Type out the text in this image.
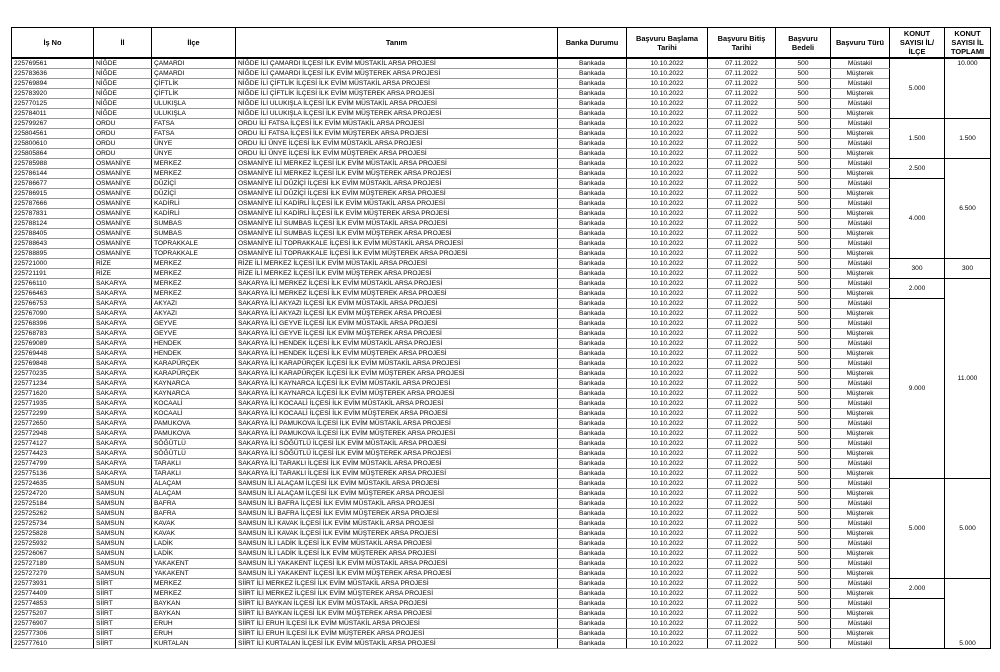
İş No	İl	İlçe	Tanım	Banka Durumu	Başvuru Başlama Tarihi	Başvuru Bitiş Tarihi	Başvuru Bedeli	Başvuru Türü	KONUT SAYISI İL/İLÇE	KONUT SAYISI İL TOPLAMI
225769561	NİĞDE	ÇAMARDI	NİĞDE İLİ ÇAMARDI İLÇESİ İLK EVİM MÜSTAKİL ARSA PROJESİ	Bankada	10.10.2022	07.11.2022	500	Müstakil	5.000	10.000
225783636	NİĞDE	ÇAMARDI	NİĞDE İLİ ÇAMARDI İLÇESİ İLK EVİM MÜŞTEREK ARSA PROJESİ	Bankada	10.10.2022	07.11.2022	500	Müşterek		
225769894	NİĞDE	ÇİFTLİK	NİĞDE İLİ ÇİFTLİK İLÇESİ İLK EVİM MÜSTAKİL ARSA PROJESİ	Bankada	10.10.2022	07.11.2022	500	Müstakil		
225783920	NİĞDE	ÇİFTLİK	NİĞDE İLİ ÇİFTLİK İLÇESİ İLK EVİM MÜŞTEREK ARSA PROJESİ	Bankada	10.10.2022	07.11.2022	500	Müşterek		
225770125	NİĞDE	ULUKIŞLA	NİĞDE İLİ ULUKIŞLA İLÇESİ İLK EVİM MÜSTAKİL ARSA PROJESİ	Bankada	10.10.2022	07.11.2022	500	Müstakil		
225784011	NİĞDE	ULUKIŞLA	NİĞDE İLİ ULUKIŞLA İLÇESİ İLK EVİM MÜŞTEREK ARSA PROJESİ	Bankada	10.10.2022	07.11.2022	500	Müşterek		
225799267	ORDU	FATSA	ORDU İLİ FATSA İLÇESİ İLK EVİM MÜSTAKİL ARSA PROJESİ	Bankada	10.10.2022	07.11.2022	500	Müstakil	1.500	1.500
225804561	ORDU	FATSA	ORDU İLİ FATSA İLÇESİ İLK EVİM MÜŞTEREK ARSA PROJESİ	Bankada	10.10.2022	07.11.2022	500	Müşterek		
225800610	ORDU	ÜNYE	ORDU İLİ ÜNYE İLÇESİ İLK EVİM MÜSTAKİL ARSA PROJESİ	Bankada	10.10.2022	07.11.2022	500	Müstakil		
225805864	ORDU	ÜNYE	ORDU İLİ ÜNYE İLÇESİ İLK EVİM MÜŞTEREK ARSA PROJESİ	Bankada	10.10.2022	07.11.2022	500	Müşterek		
225785988	OSMANİYE	MERKEZ	OSMANİYE İLİ MERKEZ İLÇESİ İLK EVİM MÜSTAKİL ARSA PROJESİ	Bankada	10.10.2022	07.11.2022	500	Müstakil	2.500	6.500
225786144	OSMANİYE	MERKEZ	OSMANİYE İLİ MERKEZ İLÇESİ İLK EVİM MÜŞTEREK ARSA PROJESİ	Bankada	10.10.2022	07.11.2022	500	Müşterek		
225786677	OSMANİYE	DÜZİÇİ	OSMANİYE İLİ DÜZİÇİ İLÇESİ İLK EVİM MÜSTAKİL ARSA PROJESİ	Bankada	10.10.2022	07.11.2022	500	Müstakil	4.000	
225786915	OSMANİYE	DÜZİÇİ	OSMANİYE İLİ DÜZİÇİ İLÇESİ İLK EVİM MÜŞTEREK ARSA PROJESİ	Bankada	10.10.2022	07.11.2022	500	Müşterek		
225787666	OSMANİYE	KADİRLİ	OSMANİYE İLİ KADİRLİ İLÇESİ İLK EVİM MÜSTAKİL ARSA PROJESİ	Bankada	10.10.2022	07.11.2022	500	Müstakil		
225787831	OSMANİYE	KADİRLİ	OSMANİYE İLİ KADİRLİ İLÇESİ İLK EVİM MÜŞTEREK ARSA PROJESİ	Bankada	10.10.2022	07.11.2022	500	Müşterek		
225788124	OSMANİYE	SUMBAS	OSMANİYE İLİ SUMBAS İLÇESİ İLK EVİM MÜSTAKİL ARSA PROJESİ	Bankada	10.10.2022	07.11.2022	500	Müstakil		
225788405	OSMANİYE	SUMBAS	OSMANİYE İLİ SUMBAS İLÇESİ İLK EVİM MÜŞTEREK ARSA PROJESİ	Bankada	10.10.2022	07.11.2022	500	Müşterek		
225788643	OSMANİYE	TOPRAKKALE	OSMANİYE İLİ TOPRAKKALE İLÇESİ İLK EVİM MÜSTAKİL ARSA PROJESİ	Bankada	10.10.2022	07.11.2022	500	Müstakil		
225788895	OSMANİYE	TOPRAKKALE	OSMANİYE İLİ TOPRAKKALE İLÇESİ İLK EVİM MÜŞTEREK ARSA PROJESİ	Bankada	10.10.2022	07.11.2022	500	Müşterek		
225721000	RİZE	MERKEZ	RİZE İLİ MERKEZ İLÇESİ İLK EVİM MÜSTAKİL ARSA PROJESİ	Bankada	10.10.2022	07.11.2022	500	Müstakil	300	300
225721191	RİZE	MERKEZ	RİZE İLİ MERKEZ İLÇESİ İLK EVİM MÜŞTEREK ARSA PROJESİ	Bankada	10.10.2022	07.11.2022	500	Müşterek		
225766110	SAKARYA	MERKEZ	SAKARYA İLİ MERKEZ İLÇESİ İLK EVİM MÜSTAKİL ARSA PROJESİ	Bankada	10.10.2022	07.11.2022	500	Müstakil	2.000	11.000
225766463	SAKARYA	MERKEZ	SAKARYA İLİ MERKEZ İLÇESİ İLK EVİM MÜŞTEREK ARSA PROJESİ	Bankada	10.10.2022	07.11.2022	500	Müşterek		
225766753	SAKARYA	AKYAZI	SAKARYA İLİ AKYAZI İLÇESİ İLK EVİM MÜSTAKİL ARSA PROJESİ	Bankada	10.10.2022	07.11.2022	500	Müstakil	9.000	
225767090	SAKARYA	AKYAZI	SAKARYA İLİ AKYAZI İLÇESİ İLK EVİM MÜŞTEREK ARSA PROJESİ	Bankada	10.10.2022	07.11.2022	500	Müşterek		
225768396	SAKARYA	GEYVE	SAKARYA İLİ GEYVE İLÇESİ İLK EVİM MÜSTAKİL ARSA PROJESİ	Bankada	10.10.2022	07.11.2022	500	Müstakil		
225768783	SAKARYA	GEYVE	SAKARYA İLİ GEYVE İLÇESİ İLK EVİM MÜŞTEREK ARSA PROJESİ	Bankada	10.10.2022	07.11.2022	500	Müşterek		
225769089	SAKARYA	HENDEK	SAKARYA İLİ HENDEK İLÇESİ İLK EVİM MÜSTAKİL ARSA PROJESİ	Bankada	10.10.2022	07.11.2022	500	Müstakil		
225769448	SAKARYA	HENDEK	SAKARYA İLİ HENDEK İLÇESİ İLK EVİM MÜŞTEREK ARSA PROJESİ	Bankada	10.10.2022	07.11.2022	500	Müşterek		
225769848	SAKARYA	KARAPÜRÇEK	SAKARYA İLİ KARAPÜRÇEK İLÇESİ İLK EVİM MÜSTAKİL ARSA PROJESİ	Bankada	10.10.2022	07.11.2022	500	Müstakil		
225770235	SAKARYA	KARAPÜRÇEK	SAKARYA İLİ KARAPÜRÇEK İLÇESİ İLK EVİM MÜŞTEREK ARSA PROJESİ	Bankada	10.10.2022	07.11.2022	500	Müşterek		
225771234	SAKARYA	KAYNARCA	SAKARYA İLİ KAYNARCA İLÇESİ İLK EVİM MÜSTAKİL ARSA PROJESİ	Bankada	10.10.2022	07.11.2022	500	Müstakil		
225771620	SAKARYA	KAYNARCA	SAKARYA İLİ KAYNARCA İLÇESİ İLK EVİM MÜŞTEREK ARSA PROJESİ	Bankada	10.10.2022	07.11.2022	500	Müşterek		
225771935	SAKARYA	KOCAALİ	SAKARYA İLİ KOCAALİ İLÇESİ İLK EVİM MÜSTAKİL ARSA PROJESİ	Bankada	10.10.2022	07.11.2022	500	Müstakil		
225772299	SAKARYA	KOCAALİ	SAKARYA İLİ KOCAALİ İLÇESİ İLK EVİM MÜŞTEREK ARSA PROJESİ	Bankada	10.10.2022	07.11.2022	500	Müşterek		
225772650	SAKARYA	PAMUKOVA	SAKARYA İLİ PAMUKOVA İLÇESİ İLK EVİM MÜSTAKİL ARSA PROJESİ	Bankada	10.10.2022	07.11.2022	500	Müstakil		
225772948	SAKARYA	PAMUKOVA	SAKARYA İLİ PAMUKOVA İLÇESİ İLK EVİM MÜŞTEREK ARSA PROJESİ	Bankada	10.10.2022	07.11.2022	500	Müşterek		
225774127	SAKARYA	SÖĞÜTLÜ	SAKARYA İLİ SÖĞÜTLÜ İLÇESİ İLK EVİM MÜSTAKİL ARSA PROJESİ	Bankada	10.10.2022	07.11.2022	500	Müstakil		
225774423	SAKARYA	SÖĞÜTLÜ	SAKARYA İLİ SÖĞÜTLÜ İLÇESİ İLK EVİM MÜŞTEREK ARSA PROJESİ	Bankada	10.10.2022	07.11.2022	500	Müşterek		
225774799	SAKARYA	TARAKLI	SAKARYA İLİ TARAKLI İLÇESİ İLK EVİM MÜSTAKİL ARSA PROJESİ	Bankada	10.10.2022	07.11.2022	500	Müstakil		
225775136	SAKARYA	TARAKLI	SAKARYA İLİ TARAKLI İLÇESİ İLK EVİM MÜŞTEREK ARSA PROJESİ	Bankada	10.10.2022	07.11.2022	500	Müşterek		
225724635	SAMSUN	ALAÇAM	SAMSUN İLİ ALAÇAM İLÇESİ İLK EVİM MÜSTAKİL ARSA PROJESİ	Bankada	10.10.2022	07.11.2022	500	Müstakil	5.000	5.000
225724720	SAMSUN	ALAÇAM	SAMSUN İLİ ALAÇAM İLÇESİ İLK EVİM MÜŞTEREK ARSA PROJESİ	Bankada	10.10.2022	07.11.2022	500	Müşterek		
225725184	SAMSUN	BAFRA	SAMSUN İLİ BAFRA İLÇESİ İLK EVİM MÜSTAKİL ARSA PROJESİ	Bankada	10.10.2022	07.11.2022	500	Müstakil		
225725262	SAMSUN	BAFRA	SAMSUN İLİ BAFRA İLÇESİ İLK EVİM MÜŞTEREK ARSA PROJESİ	Bankada	10.10.2022	07.11.2022	500	Müşterek		
225725734	SAMSUN	KAVAK	SAMSUN İLİ KAVAK İLÇESİ İLK EVİM MÜSTAKİL ARSA PROJESİ	Bankada	10.10.2022	07.11.2022	500	Müstakil		
225725828	SAMSUN	KAVAK	SAMSUN İLİ KAVAK İLÇESİ İLK EVİM MÜŞTEREK ARSA PROJESİ	Bankada	10.10.2022	07.11.2022	500	Müşterek		
225725932	SAMSUN	LADİK	SAMSUN İLİ LADİK İLÇESİ İLK EVİM MÜSTAKİL ARSA PROJESİ	Bankada	10.10.2022	07.11.2022	500	Müstakil		
225726067	SAMSUN	LADİK	SAMSUN İLİ LADİK İLÇESİ İLK EVİM MÜŞTEREK ARSA PROJESİ	Bankada	10.10.2022	07.11.2022	500	Müşterek		
225727189	SAMSUN	YAKAKENT	SAMSUN İLİ YAKAKENT İLÇESİ İLK EVİM MÜSTAKİL ARSA PROJESİ	Bankada	10.10.2022	07.11.2022	500	Müstakil		
225727279	SAMSUN	YAKAKENT	SAMSUN İLİ YAKAKENT İLÇESİ İLK EVİM MÜŞTEREK ARSA PROJESİ	Bankada	10.10.2022	07.11.2022	500	Müşterek		
225773931	SİİRT	MERKEZ	SİİRT İLİ MERKEZ İLÇESİ İLK EVİM MÜSTAKİL ARSA PROJESİ	Bankada	10.10.2022	07.11.2022	500	Müstakil	2.000	5.000
225774409	SİİRT	MERKEZ	SİİRT İLİ MERKEZ İLÇESİ İLK EVİM MÜŞTEREK ARSA PROJESİ	Bankada	10.10.2022	07.11.2022	500	Müşterek		
225774853	SİİRT	BAYKAN	SİİRT İLİ BAYKAN İLÇESİ İLK EVİM MÜSTAKİL ARSA PROJESİ	Bankada	10.10.2022	07.11.2022	500	Müstakil		
225775207	SİİRT	BAYKAN	SİİRT İLİ BAYKAN İLÇESİ İLK EVİM MÜŞTEREK ARSA PROJESİ	Bankada	10.10.2022	07.11.2022	500	Müşterek		
225776907	SİİRT	ERUH	SİİRT İLİ ERUH İLÇESİ İLK EVİM MÜSTAKİL ARSA PROJESİ	Bankada	10.10.2022	07.11.2022	500	Müstakil		
225777306	SİİRT	ERUH	SİİRT İLİ ERUH İLÇESİ İLK EVİM MÜŞTEREK ARSA PROJESİ	Bankada	10.10.2022	07.11.2022	500	Müşterek		
225777610	SİİRT	KURTALAN	SİİRT İLİ KURTALAN İLÇESİ İLK EVİM MÜSTAKİL ARSA PROJESİ	Bankada	10.10.2022	07.11.2022	500	Müstakil		
